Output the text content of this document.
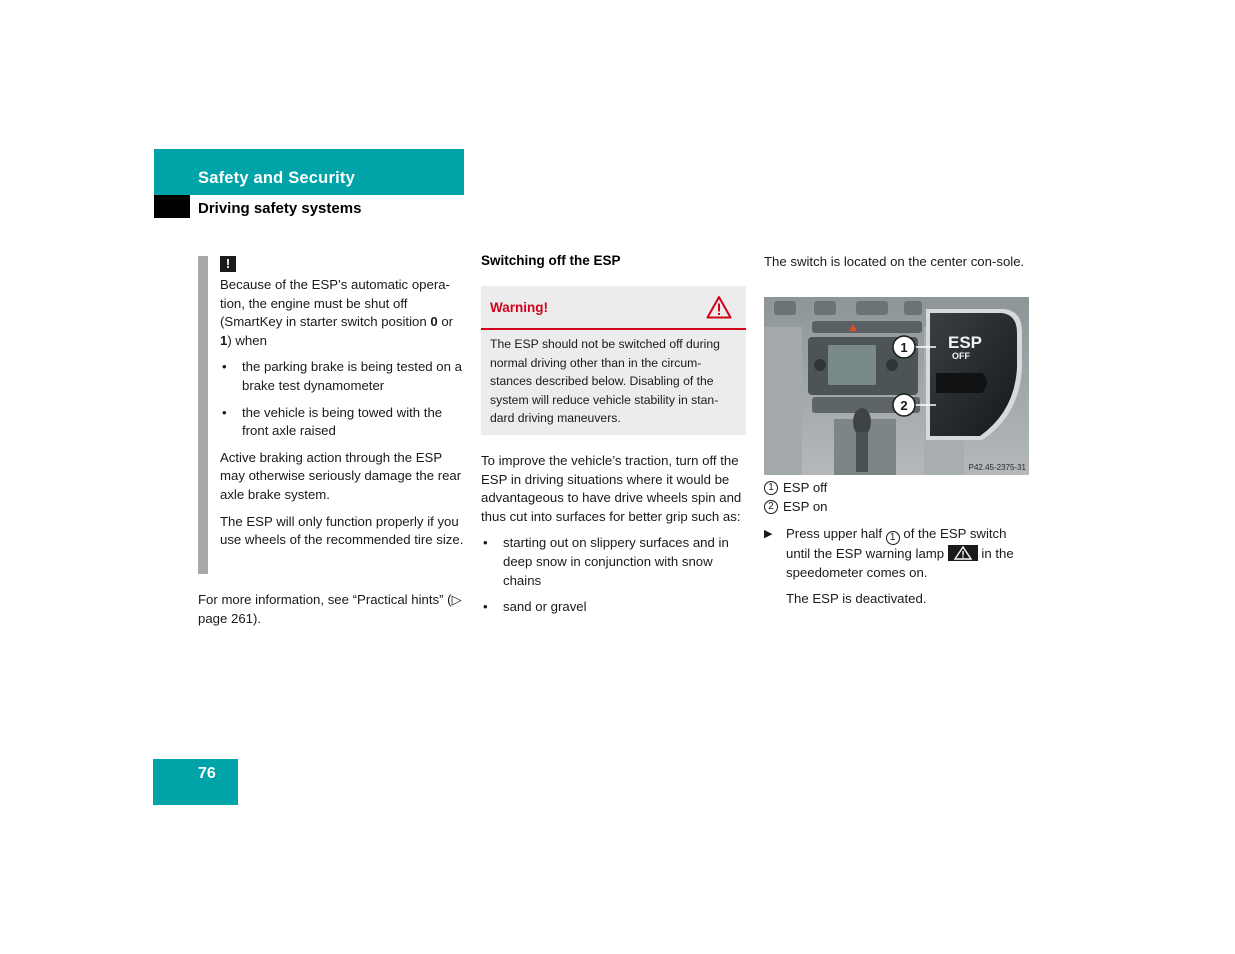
Safety and Security
Driving safety systems
!

Because of the ESP’s automatic opera-tion, the engine must be shut off (SmartKey in starter switch position 0 or 1) when

• the parking brake is being tested on a brake test dynamometer
• the vehicle is being towed with the front axle raised

Active braking action through the ESP may otherwise seriously damage the rear axle brake system.

The ESP will only function properly if you use wheels of the recommended tire size.

For more information, see “Practical hints” (▷ page 261).
Switching off the ESP
Warning!
The ESP should not be switched off during normal driving other than in the circum-stances described below. Disabling of the system will reduce vehicle stability in stan-dard driving maneuvers.

To improve the vehicle’s traction, turn off the ESP in driving situations where it would be advantageous to have drive wheels spin and thus cut into surfaces for better grip such as:

• starting out on slippery surfaces and in deep snow in conjunction with snow chains
• sand or gravel
The switch is located on the center con-sole.
ESP
OFF
1
2
P42.45-2375-31
1 ESP off
2 ESP on
▶ Press upper half 1 of the ESP switch until the ESP warning lamp
in the speedometer comes on.
The ESP is deactivated.
76
